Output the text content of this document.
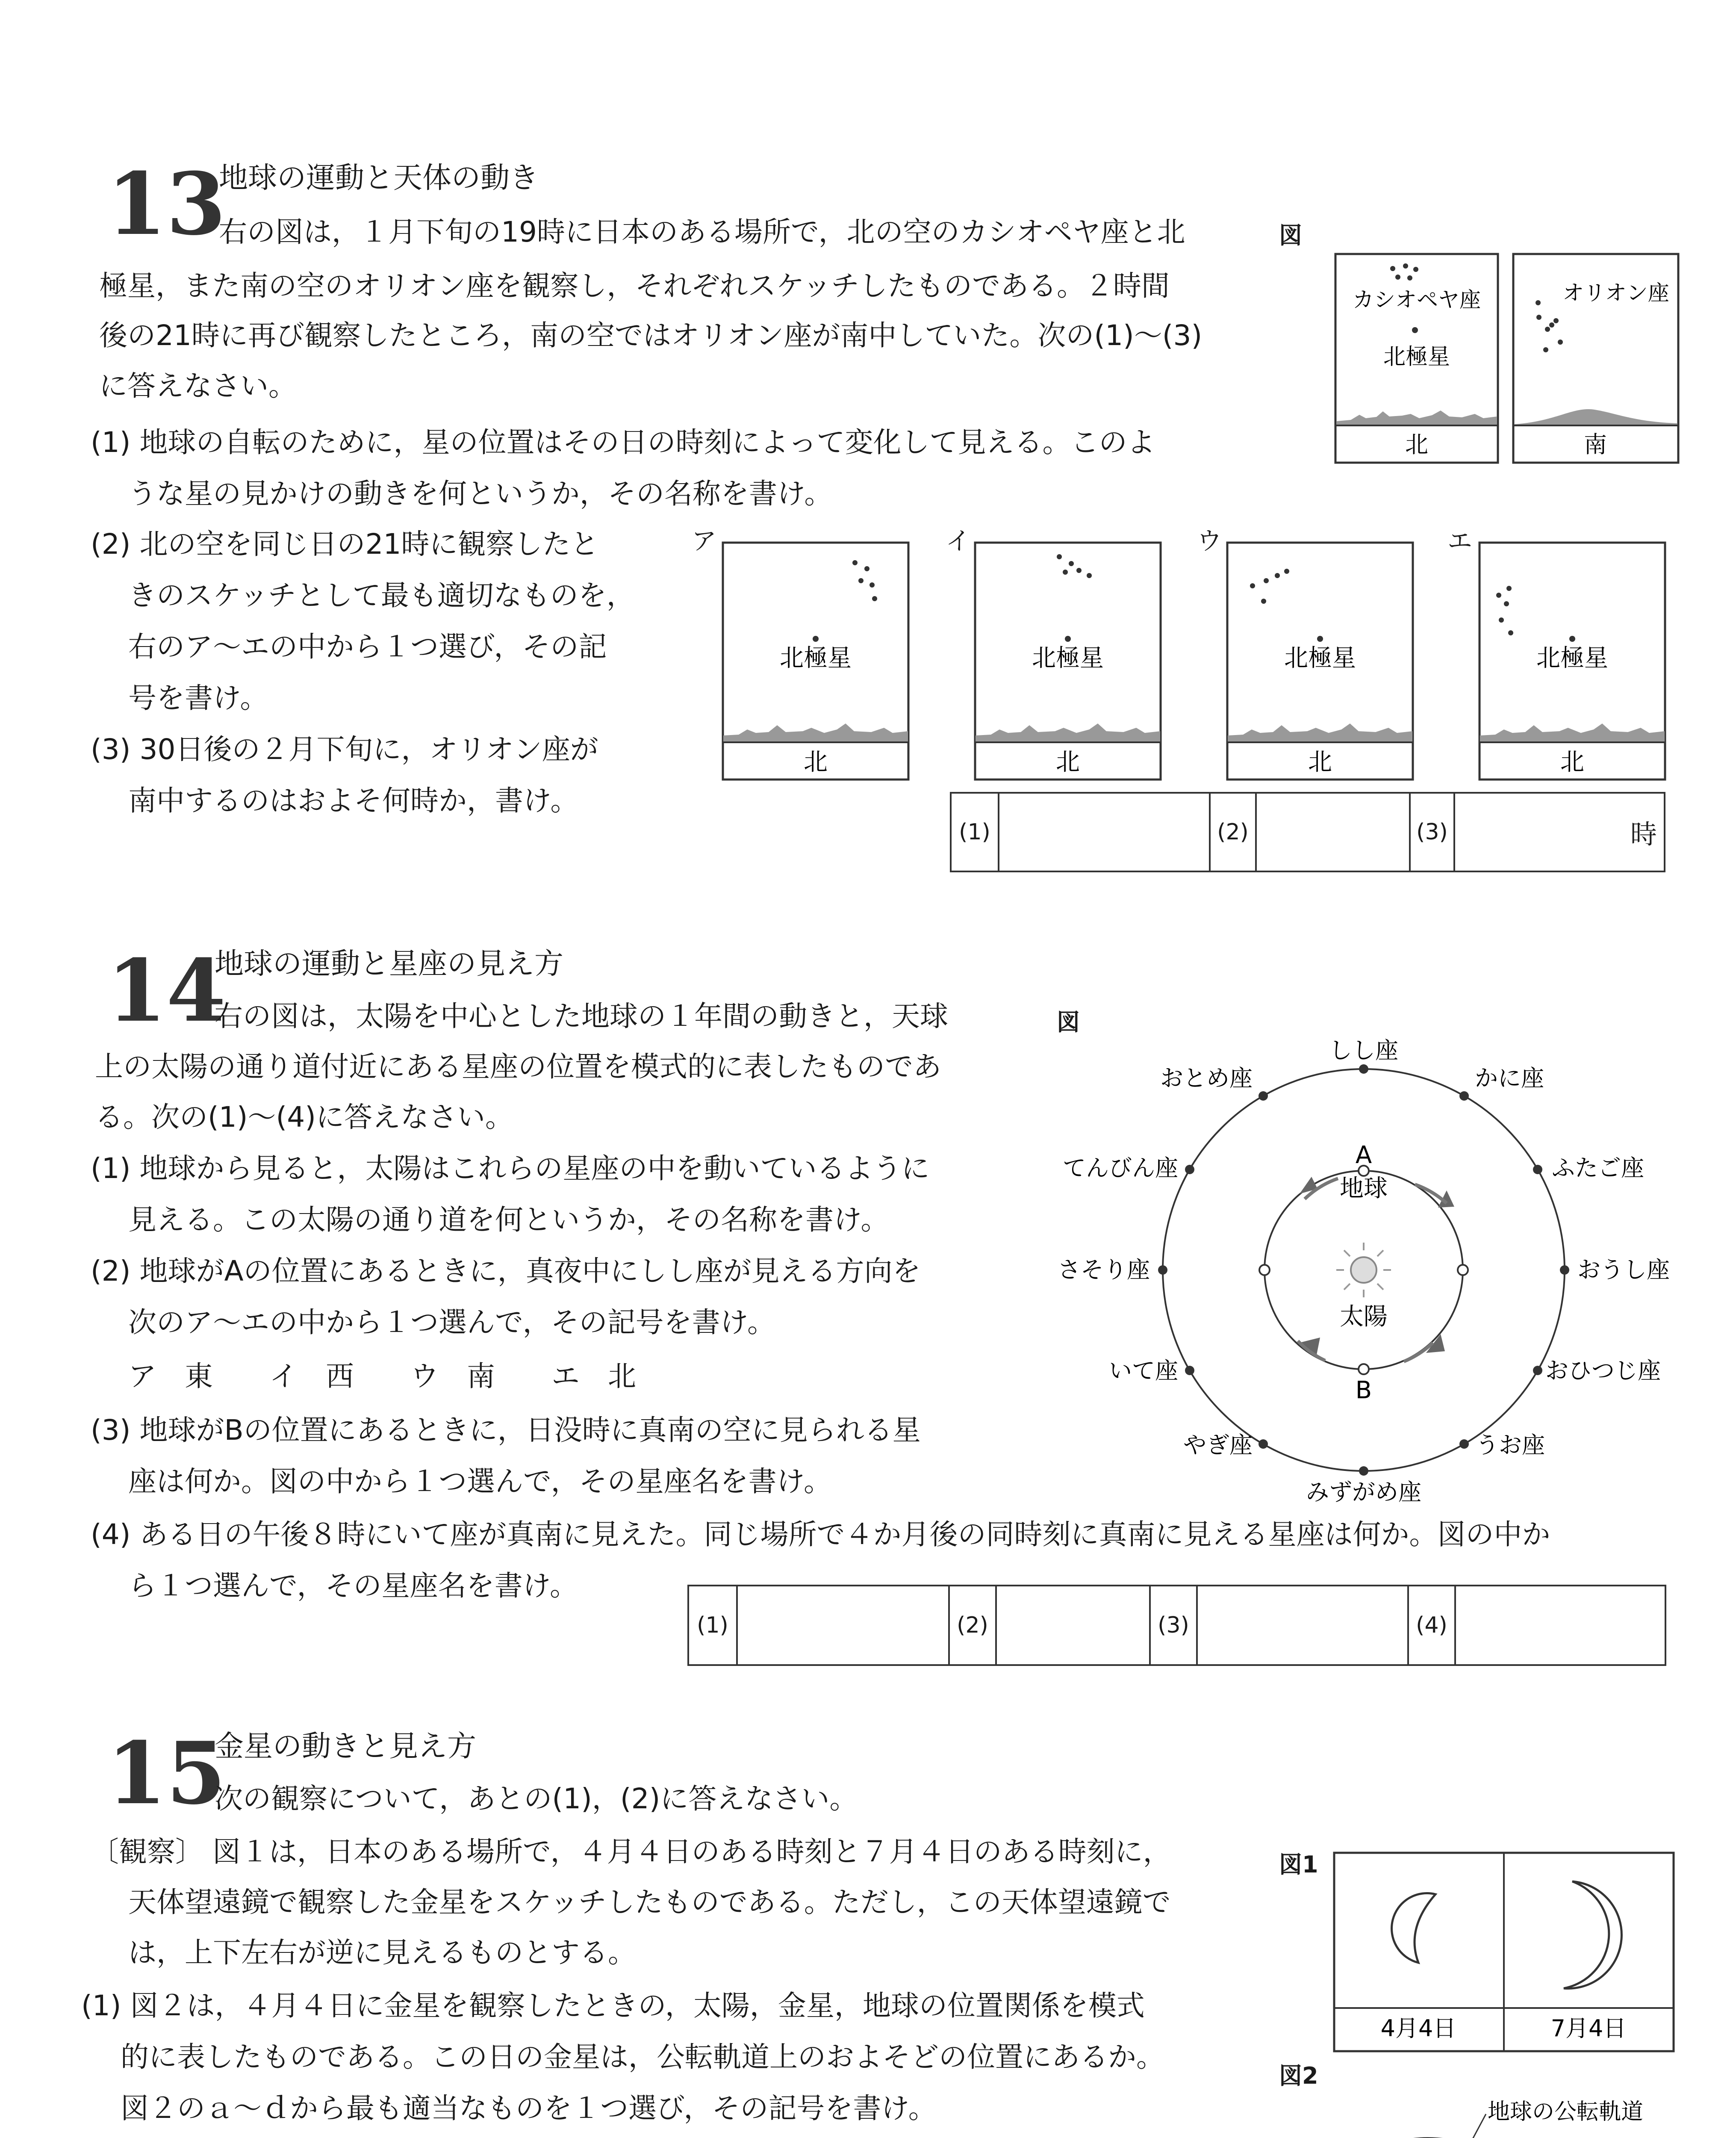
13
地球の運動と天体の動き
右の図は，１月下旬の19時に日本のある場所で，北の空のカシオペヤ座と北
極星，また南の空のオリオン座を観察し，それぞれスケッチしたものである。２時間
後の21時に再び観察したところ，南の空ではオリオン座が南中していた。次の(1)～(3)
に答えなさい。
(1) 地球の自転のために，星の位置はその日の時刻によって変化して見える。このよ
うな星の見かけの動きを何というか，その名称を書け。
(2) 北の空を同じ日の21時に観察したと
きのスケッチとして最も適切なものを，
右のア～エの中から１つ選び，その記
号を書け。
(3) 30日後の２月下旬に，オリオン座が
南中するのはおよそ何時か，書け。
図
カシオペヤ座
北極星
北
オリオン座
南
ア	イ	ウ	エ
北極星
北
北極星
北
北極星
北
北極星
北
(1)	(2)	(3)	時
14
地球の運動と星座の見え方
右の図は，太陽を中心とした地球の１年間の動きと，天球
上の太陽の通り道付近にある星座の位置を模式的に表したものであ
る。次の(1)～(4)に答えなさい。
(1) 地球から見ると，太陽はこれらの星座の中を動いているように
見える。この太陽の通り道を何というか，その名称を書け。
(2) 地球がAの位置にあるときに，真夜中にしし座が見える方向を
次のア～エの中から１つ選んで，その記号を書け。
ア　東　　イ　西　　ウ　南　　エ　北
(3) 地球がBの位置にあるときに，日没時に真南の空に見られる星
座は何か。図の中から１つ選んで，その星座名を書け。
(4) ある日の午後８時にいて座が真南に見えた。同じ場所で４か月後の同時刻に真南に見える星座は何か。図の中か
ら１つ選んで，その星座名を書け。
図
A
地球
B
太陽
しし座
かに座
ふたご座
おうし座
おひつじ座
うお座
みずがめ座
やぎ座
いて座
さそり座
てんびん座
おとめ座
(1)	(2)	(3)	(4)
15
金星の動きと見え方
次の観察について，あとの(1)，(2)に答えなさい。
〔観察〕 図１は，日本のある場所で，４月４日のある時刻と７月４日のある時刻に，
天体望遠鏡で観察した金星をスケッチしたものである。ただし，この天体望遠鏡で
は，上下左右が逆に見えるものとする。
(1) 図２は，４月４日に金星を観察したときの，太陽，金星，地球の位置関係を模式
的に表したものである。この日の金星は，公転軌道上のおよそどの位置にあるか。
図２のａ～ｄから最も適当なものを１つ選び，その記号を書け。
図1
4月4日	7月4日
図2
地球の公転軌道
